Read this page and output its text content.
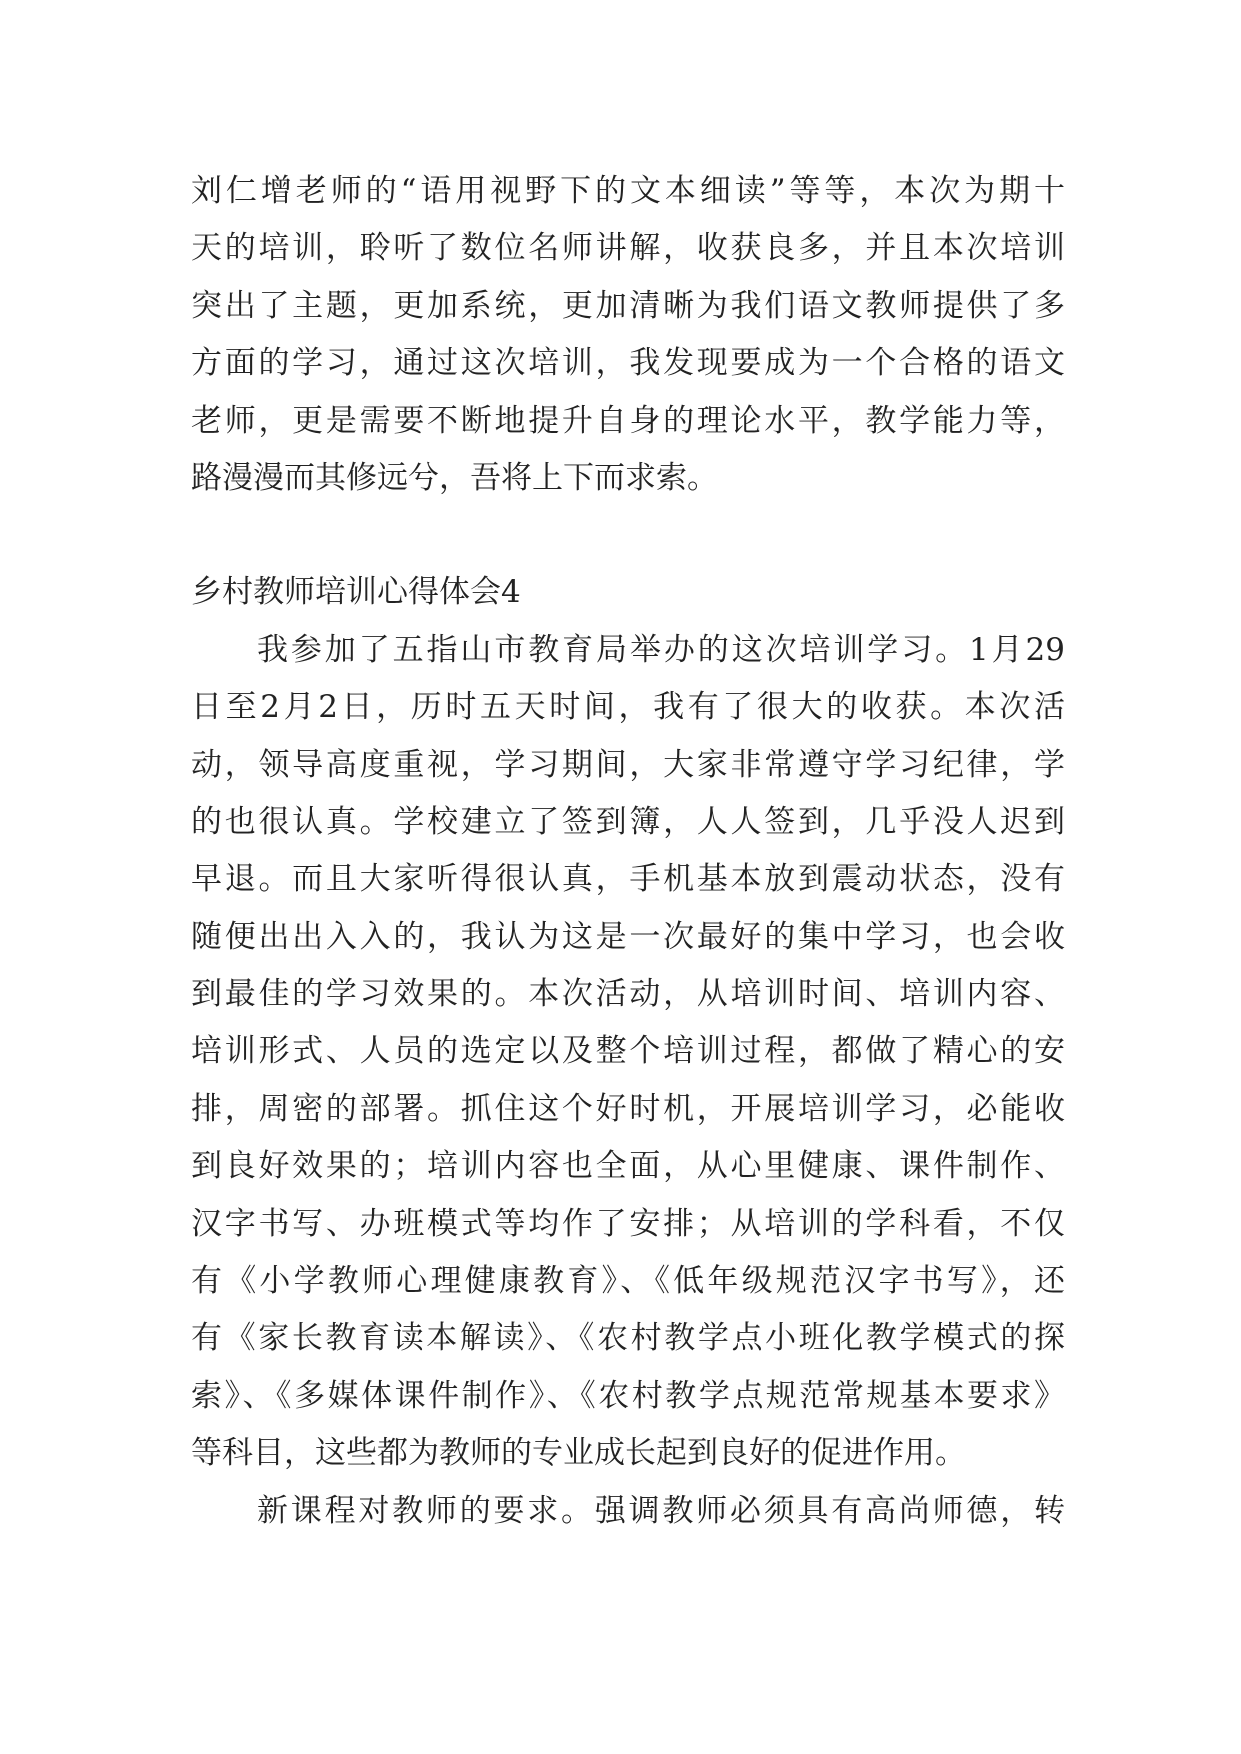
刘仁增老师的“语用视野下的文本细读”等等，本次为期十
天的培训，聆听了数位名师讲解，收获良多，并且本次培训
突出了主题，更加系统，更加清晰为我们语文教师提供了多
方面的学习，通过这次培训，我发现要成为一个合格的语文
老师，更是需要不断地提升自身的理论水平，教学能力等，
路漫漫而其修远兮，吾将上下而求索。
乡村教师培训心得体会4
我参加了五指山市教育局举办的这次培训学习。1月29
日至2月2日，历时五天时间，我有了很大的收获。本次活
动，领导高度重视，学习期间，大家非常遵守学习纪律，学
的也很认真。学校建立了签到簿，人人签到，几乎没人迟到
早退。而且大家听得很认真，手机基本放到震动状态，没有
随便出出入入的，我认为这是一次最好的集中学习，也会收
到最佳的学习效果的。本次活动，从培训时间、培训内容、
培训形式、人员的选定以及整个培训过程，都做了精心的安
排，周密的部署。抓住这个好时机，开展培训学习，必能收
到良好效果的；培训内容也全面，从心里健康、课件制作、
汉字书写、办班模式等均作了安排；从培训的学科看，不仅
有《小学教师心理健康教育》、《低年级规范汉字书写》，还
有《家长教育读本解读》、《农村教学点小班化教学模式的探
索》、《多媒体课件制作》、《农村教学点规范常规基本要求》
等科目，这些都为教师的专业成长起到良好的促进作用。
新课程对教师的要求。强调教师必须具有高尚师德，转
